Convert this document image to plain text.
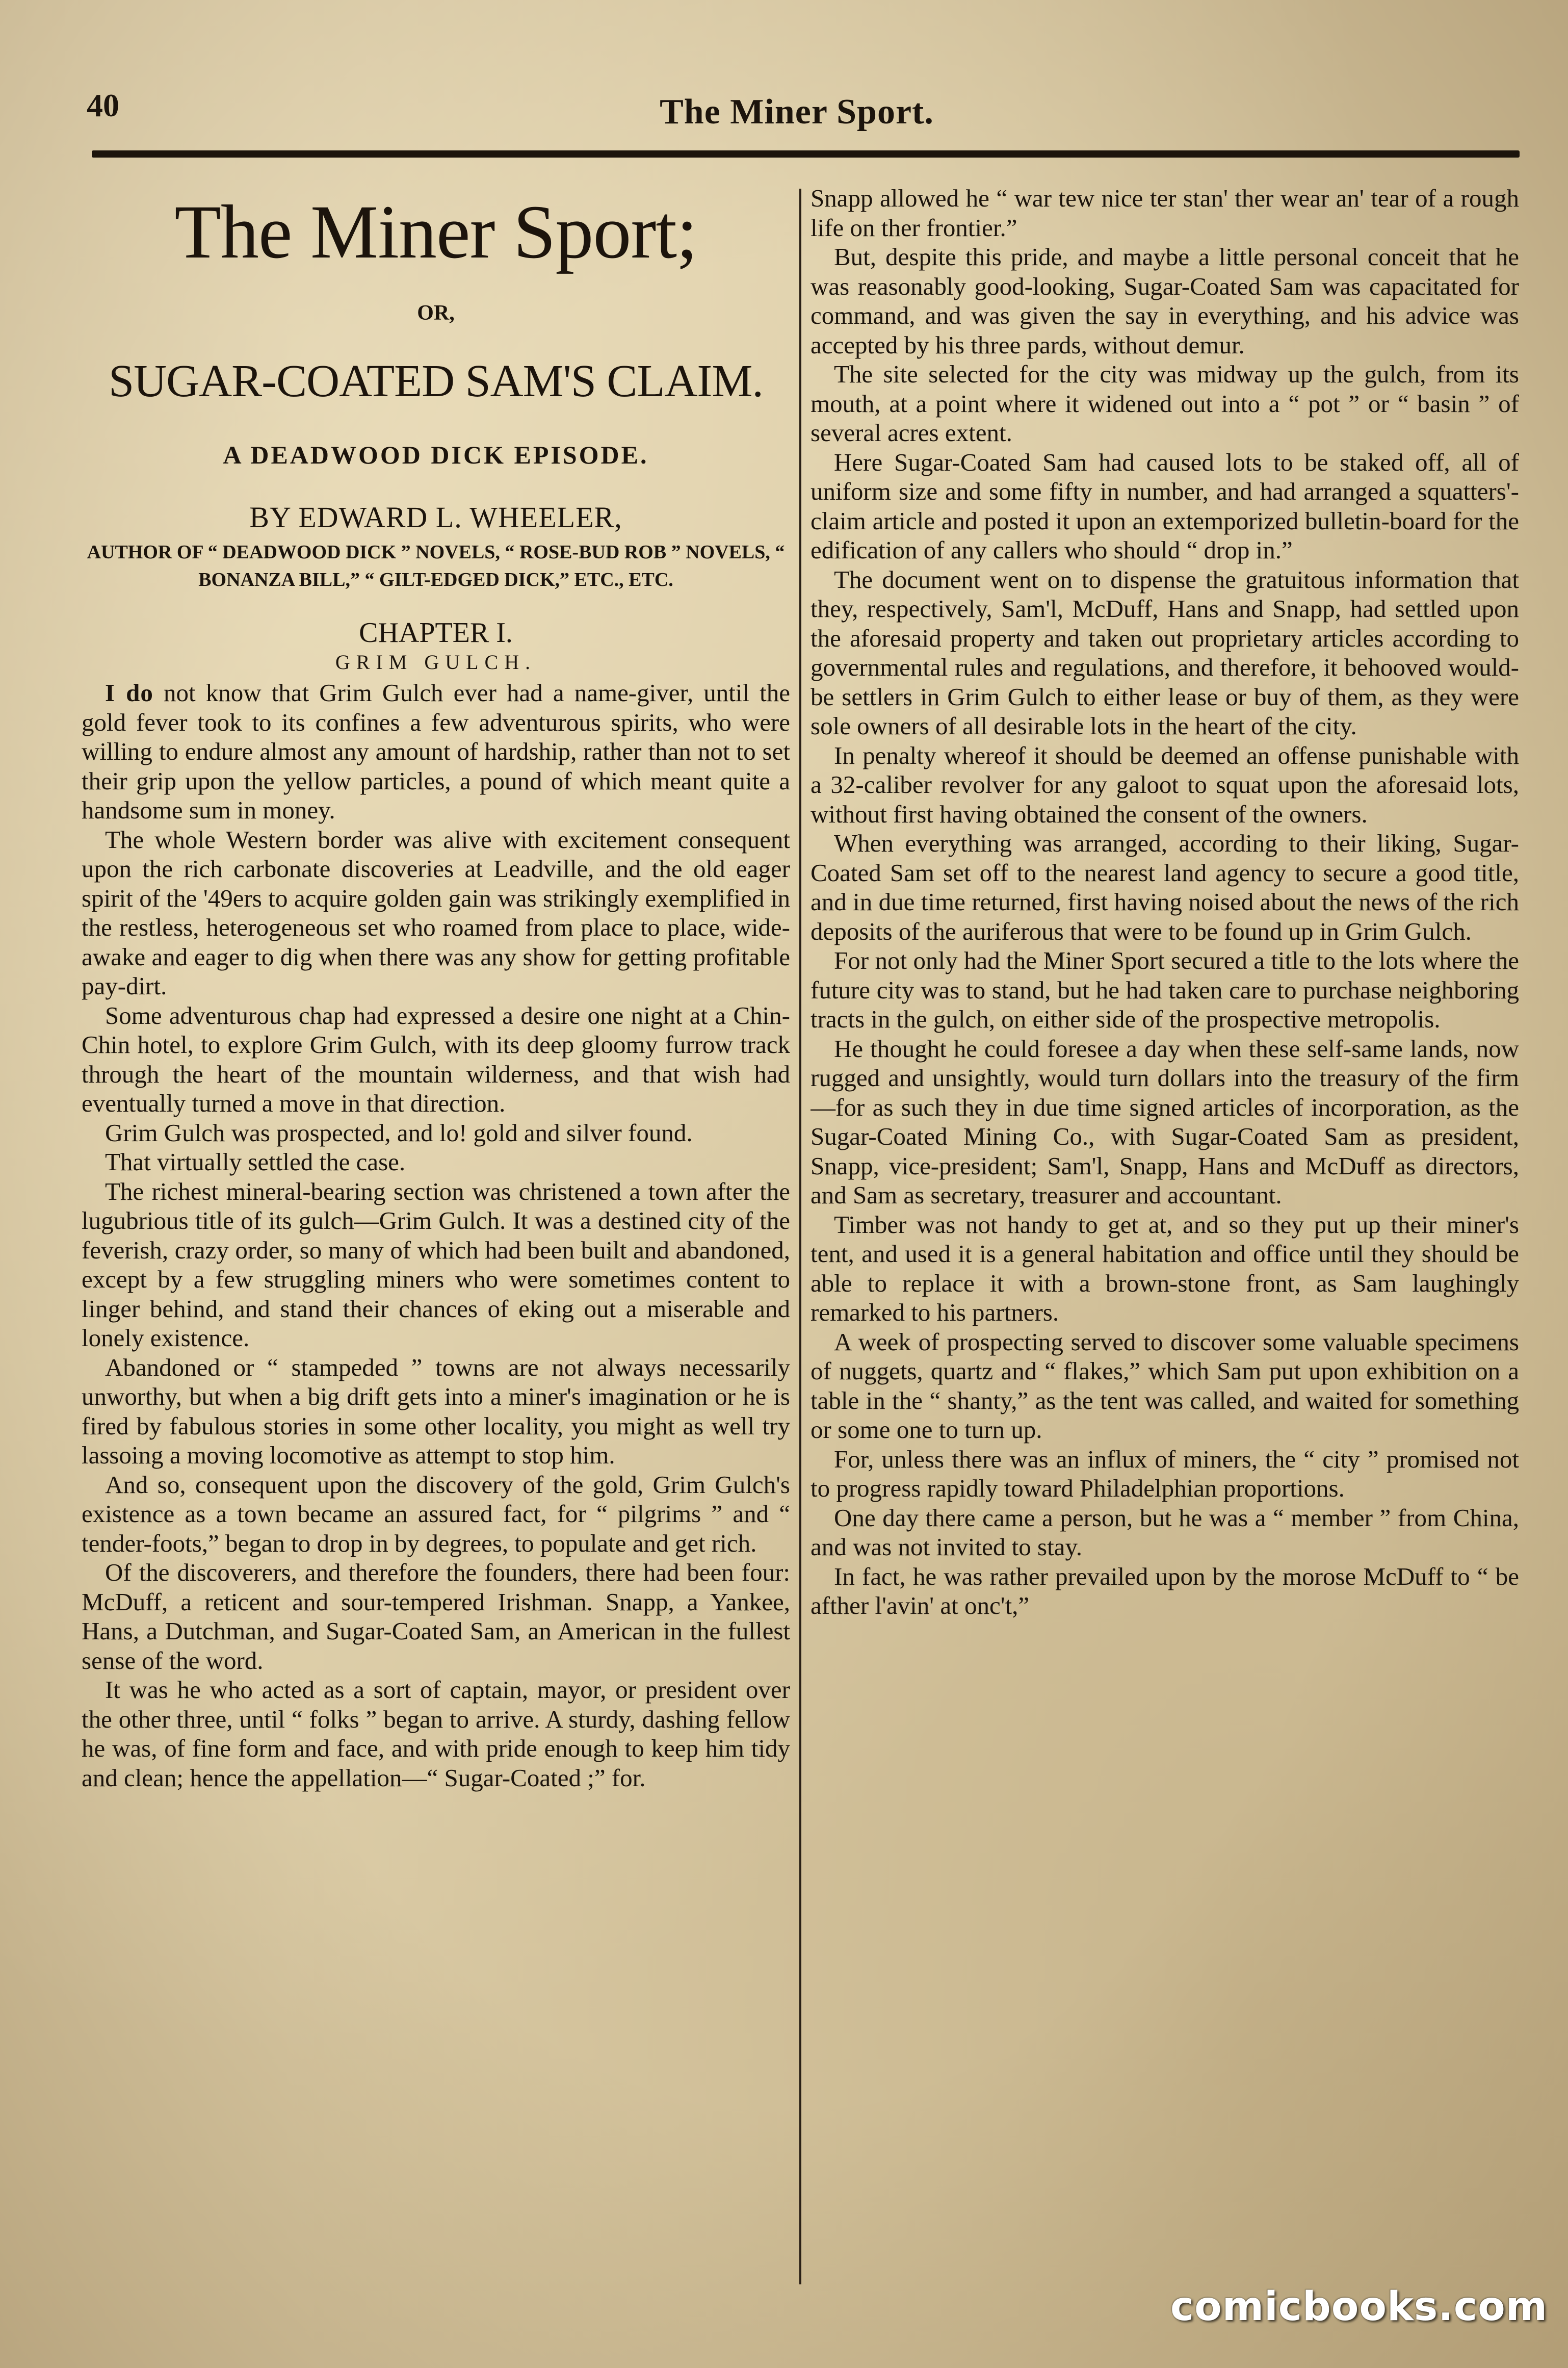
40	The Miner Sport.
The Miner Sport;
OR,
SUGAR-COATED SAM'S CLAIM.
A DEADWOOD DICK EPISODE.
BY EDWARD L. WHEELER,
AUTHOR OF “ DEADWOOD DICK ” NOVELS, “ ROSE-BUD ROB ” NOVELS, “ BONANZA BILL,” “ GILT-EDGED DICK,” ETC., ETC.
CHAPTER I.
GRIM GULCH.

I do not know that Grim Gulch ever had a name-giver, until the gold fever took to its confines a few adventurous spirits, who were willing to endure almost any amount of hardship, rather than not to set their grip upon the yellow particles, a pound of which meant quite a handsome sum in money.

The whole Western border was alive with excitement consequent upon the rich carbonate discoveries at Leadville, and the old eager spirit of the '49ers to acquire golden gain was strikingly exemplified in the restless, heterogeneous set who roamed from place to place, wide-awake and eager to dig when there was any show for getting profitable pay-dirt.

Some adventurous chap had expressed a desire one night at a Chin-Chin hotel, to explore Grim Gulch, with its deep gloomy furrow track through the heart of the mountain wilderness, and that wish had eventually turned a move in that direction.

Grim Gulch was prospected, and lo! gold and silver found.

That virtually settled the case.

The richest mineral-bearing section was christened a town after the lugubrious title of its gulch—Grim Gulch. It was a destined city of the feverish, crazy order, so many of which had been built and abandoned, except by a few struggling miners who were sometimes content to linger behind, and stand their chances of eking out a miserable and lonely existence.

Abandoned or “ stampeded ” towns are not always necessarily unworthy, but when a big drift gets into a miner's imagination or he is fired by fabulous stories in some other locality, you might as well try lassoing a moving locomotive as attempt to stop him.

And so, consequent upon the discovery of the gold, Grim Gulch's existence as a town became an assured fact, for “ pilgrims ” and “ tender-foots,” began to drop in by degrees, to populate and get rich.

Of the discoverers, and therefore the founders, there had been four: McDuff, a reticent and sour-tempered Irishman. Snapp, a Yankee, Hans, a Dutchman, and Sugar-Coated Sam, an American in the fullest sense of the word.

It was he who acted as a sort of captain, mayor, or president over the other three, until “ folks ” began to arrive. A sturdy, dashing fellow he was, of fine form and face, and with pride enough to keep him tidy and clean; hence the appellation—“ Sugar-Coated ;” for.

Snapp allowed he “ war tew nice ter stan' ther wear an' tear of a rough life on ther frontier.”

But, despite this pride, and maybe a little personal conceit that he was reasonably good-looking, Sugar-Coated Sam was capacitated for command, and was given the say in everything, and his advice was accepted by his three pards, without demur.

The site selected for the city was midway up the gulch, from its mouth, at a point where it widened out into a “ pot ” or “ basin ” of several acres extent.

Here Sugar-Coated Sam had caused lots to be staked off, all of uniform size and some fifty in number, and had arranged a squatters'-claim article and posted it upon an extemporized bulletin-board for the edification of any callers who should “ drop in.”

The document went on to dispense the gratuitous information that they, respectively, Sam'l, McDuff, Hans and Snapp, had settled upon the aforesaid property and taken out proprietary articles according to governmental rules and regulations, and therefore, it behooved would-be settlers in Grim Gulch to either lease or buy of them, as they were sole owners of all desirable lots in the heart of the city.

In penalty whereof it should be deemed an offense punishable with a 32-caliber revolver for any galoot to squat upon the aforesaid lots, without first having obtained the consent of the owners.

When everything was arranged, according to their liking, Sugar-Coated Sam set off to the nearest land agency to secure a good title, and in due time returned, first having noised about the news of the rich deposits of the auriferous that were to be found up in Grim Gulch.

For not only had the Miner Sport secured a title to the lots where the future city was to stand, but he had taken care to purchase neighboring tracts in the gulch, on either side of the prospective metropolis.

He thought he could foresee a day when these self-same lands, now rugged and unsightly, would turn dollars into the treasury of the firm —for as such they in due time signed articles of incorporation, as the Sugar-Coated Mining Co., with Sugar-Coated Sam as president, Snapp, vice-president; Sam'l, Snapp, Hans and McDuff as directors, and Sam as secretary, treasurer and accountant.

Timber was not handy to get at, and so they put up their miner's tent, and used it is a general habitation and office until they should be able to replace it with a brown-stone front, as Sam laughingly remarked to his partners.

A week of prospecting served to discover some valuable specimens of nuggets, quartz and “ flakes,” which Sam put upon exhibition on a table in the “ shanty,” as the tent was called, and waited for something or some one to turn up.

For, unless there was an influx of miners, the “ city ” promised not to progress rapidly toward Philadelphian proportions.

One day there came a person, but he was a “ member ” from China, and was not invited to stay.

In fact, he was rather prevailed upon by the morose McDuff to “ be afther l'avin' at onc't,”

comicbooks.com
